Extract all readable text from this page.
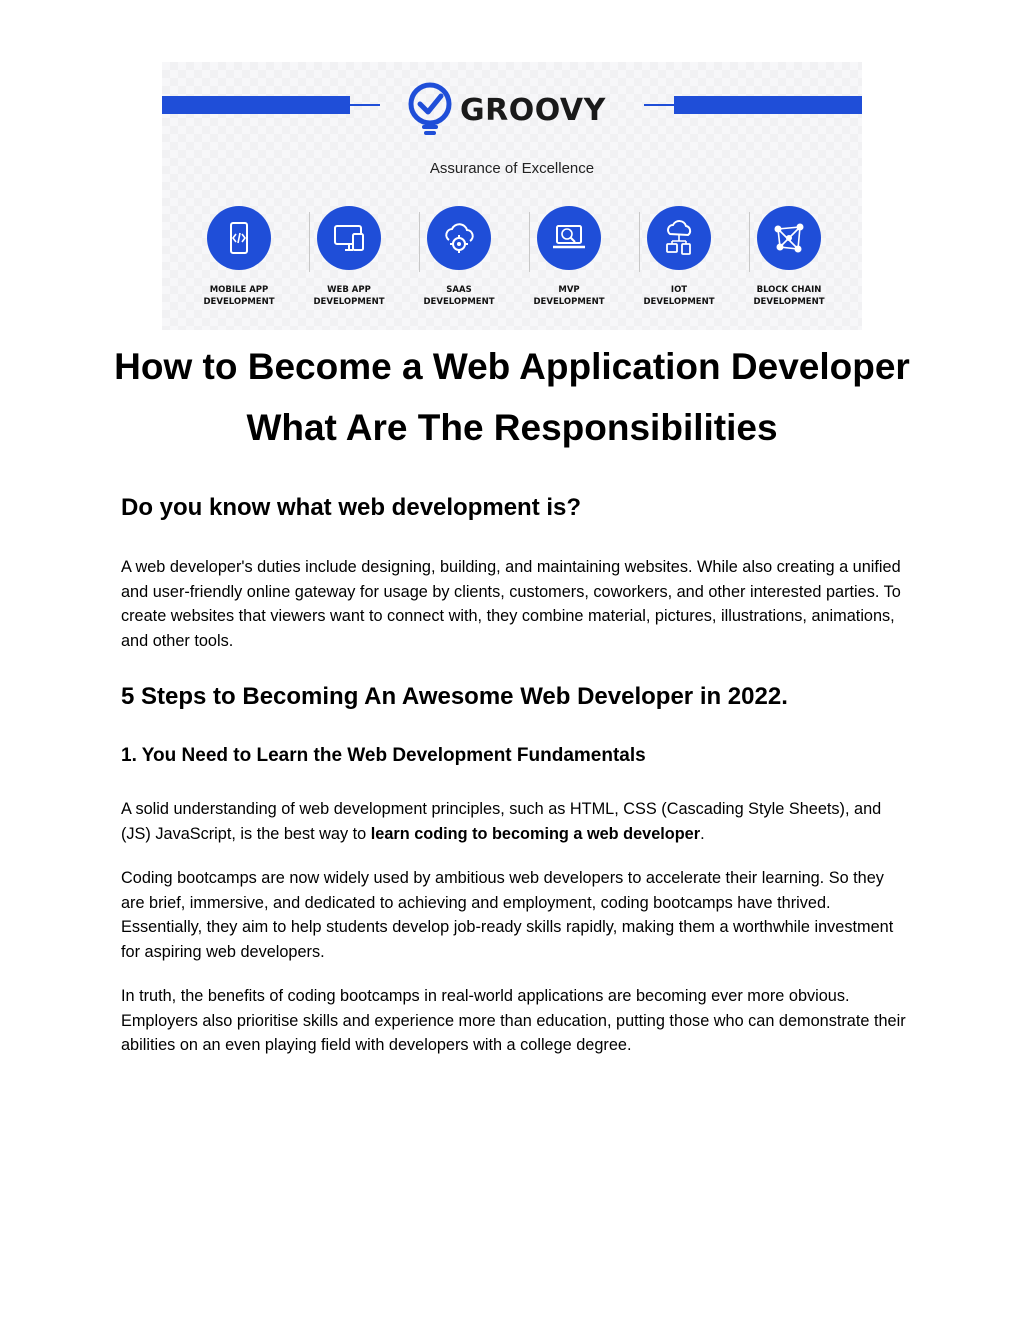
GROOVY
Assurance of Excellence
MOBILE APP
DEVELOPMENT
WEB APP
DEVELOPMENT
SAAS
DEVELOPMENT
MVP
DEVELOPMENT
IOT
DEVELOPMENT
BLOCK CHAIN
DEVELOPMENT
How to Become a Web Application Developer What Are The Responsibilities
Do you know what web development is?

A web developer's duties include designing, building, and maintaining websites. While also creating a unified and user-friendly online gateway for usage by clients, customers, coworkers, and other interested parties. To create websites that viewers want to connect with, they combine material, pictures, illustrations, animations, and other tools.

5 Steps to Becoming An Awesome Web Developer in 2022.
1. You Need to Learn the Web Development Fundamentals

A solid understanding of web development principles, such as HTML, CSS (Cascading Style Sheets), and (JS) JavaScript, is the best way to learn coding to becoming a web developer.

Coding bootcamps are now widely used by ambitious web developers to accelerate their learning. So they are brief, immersive, and dedicated to achieving and employment, coding bootcamps have thrived. Essentially, they aim to help students develop job-ready skills rapidly, making them a worthwhile investment for aspiring web developers.

In truth, the benefits of coding bootcamps in real-world applications are becoming ever more obvious. Employers also prioritise skills and experience more than education, putting those who can demonstrate their abilities on an even playing field with developers with a college degree.
